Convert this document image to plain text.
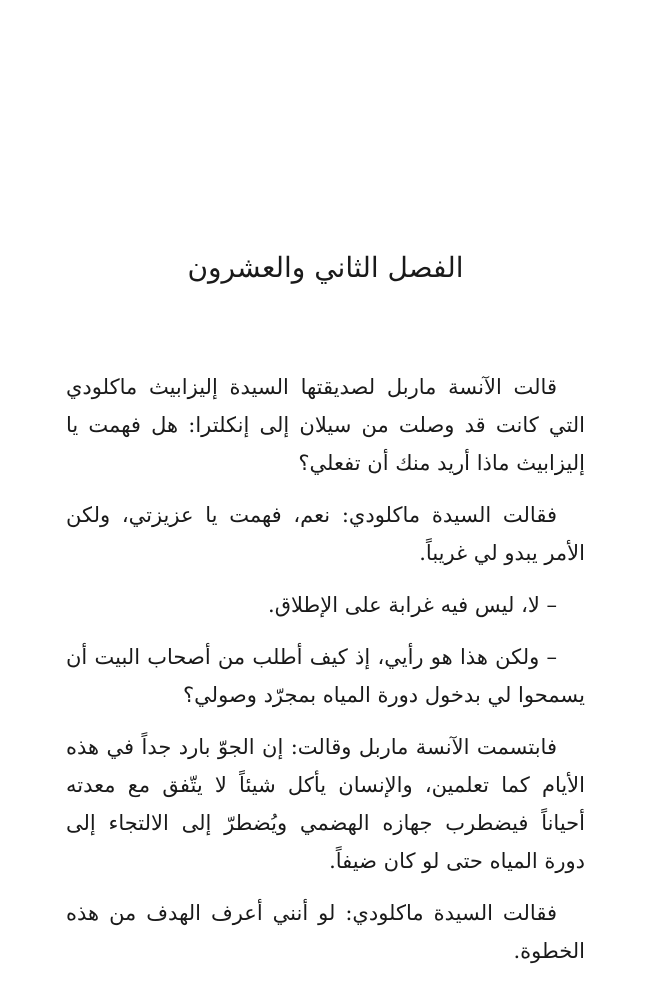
الفصل الثاني والعشرون

قالت الآنسة ماربل لصديقتها السيدة إليزابيث ماكلودي التي كانت قد وصلت من سيلان إلى إنكلترا: هل فهمت يا إليزابيث ماذا أريد منك أن تفعلي؟

فقالت السيدة ماكلودي: نعم، فهمت يا عزيزتي، ولكن الأمر يبدو لي غريباً.

– لا، ليس فيه غرابة على الإطلاق.

– ولكن هذا هو رأيي، إذ كيف أطلب من أصحاب البيت أن يسمحوا لي بدخول دورة المياه بمجرّد وصولي؟

فابتسمت الآنسة ماربل وقالت: إن الجوّ بارد جداً في هذه الأيام كما تعلمين، والإنسان يأكل شيئاً لا يتّفق مع معدته أحياناً فيضطرب جهازه الهضمي ويُضطرّ إلى الالتجاء إلى دورة المياه حتى لو كان ضيفاً.

فقالت السيدة ماكلودي: لو أنني أعرف الهدف من هذه الخطوة.
